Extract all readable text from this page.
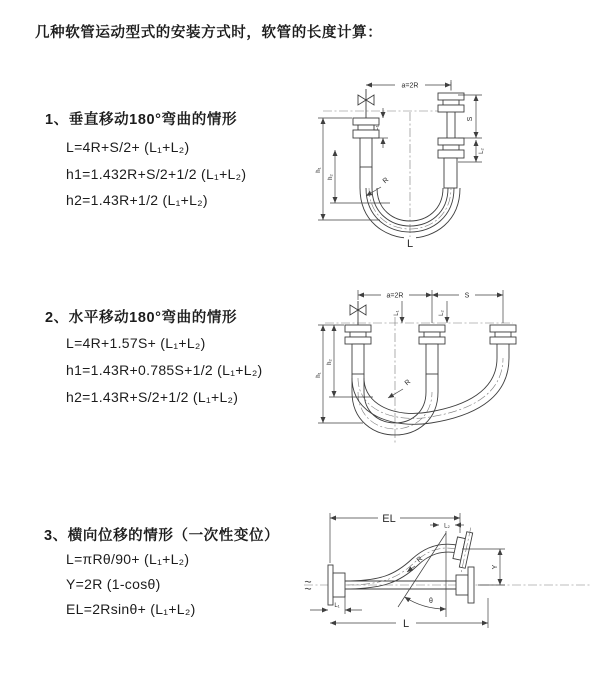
几种软管运动型式的安装方式时，软管的长度计算：
1、垂直移动180°弯曲的情形
L=4R+S/2+ (L₁+L₂)
h1=1.432R+S/2+1/2 (L₁+L₂)
h2=1.43R+1/2 (L₁+L₂)
2、水平移动180°弯曲的情形
L=4R+1.57S+ (L₁+L₂)
h1=1.43R+0.785S+1/2 (L₁+L₂)
h2=1.43R+S/2+1/2 (L₁+L₂)
3、横向位移的情形（一次性变位）
L=πRθ/90+ (L₁+L₂)
Y=2R (1-cosθ)
EL=2Rsinθ+ (L₁+L₂)
a=2R
S
L₂
L₁
h₁
h₂	R
L
a=2R	S
L₁	L₂
h₁
h₂
R
EL
L₂
θ
R
Y
L₁
L
